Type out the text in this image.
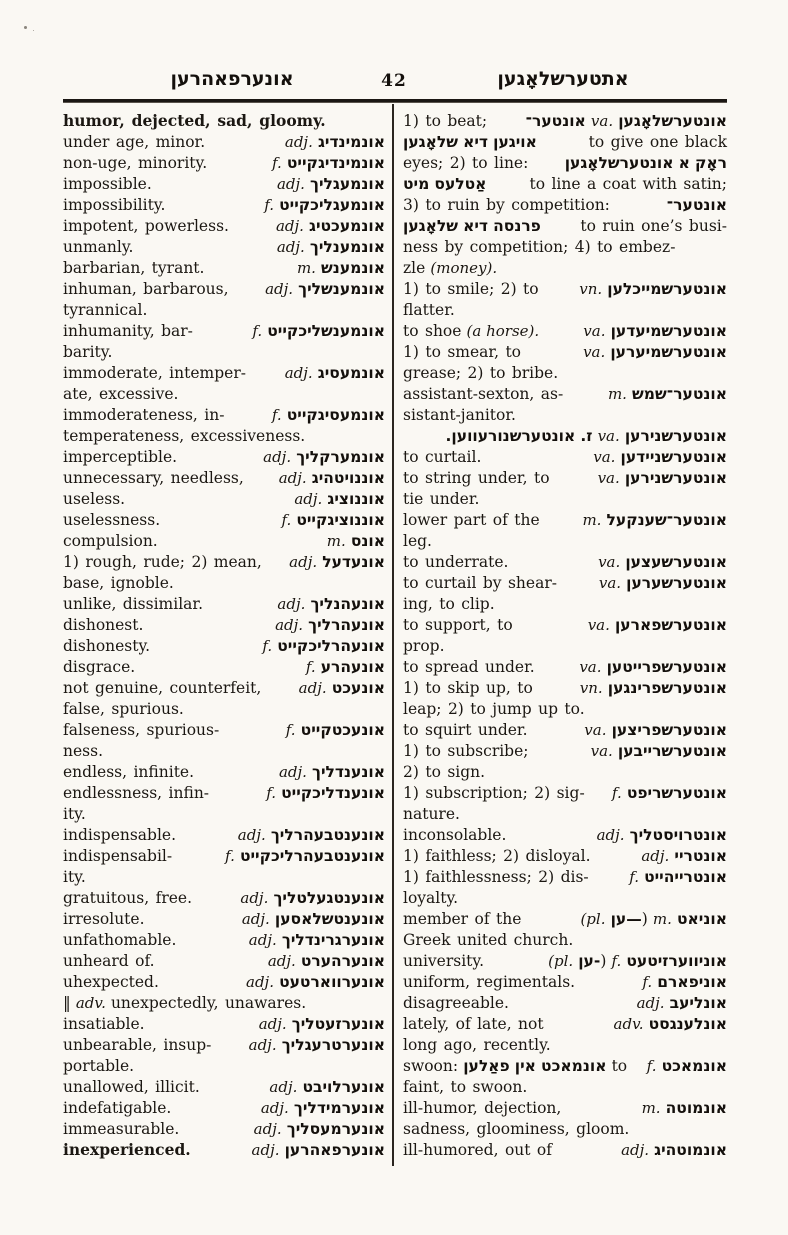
אונערפאהרען	42	אתטערשלאָגען
humor, dejected, sad, gloomy.
under age, minor.	adj. אונמינדיג
non-uge, minority.	f. אונמינדיגקייט
impossible.	adj. אונמעגליך
impossibility.	f. אונמעגליכקייט
impotent, powerless.	adj. אונמעכטיג
unmanly.	adj. אונמענליך
barbarian, tyrant.	m. אונמענש
inhuman, barbarous, adj. אונמענשליך
tyrannical.
inhumanity, bar-	f. אונמענשליכקייט
barity.
immoderate, intemper-	adj. אונמעסיג
ate, excessive.
immoderateness, in-	f. אונמעסיגקייט
temperateness, excessiveness.
imperceptible.	adj. אונמערקליך
unnecessary, needless, adj. אוננויטהיג
useless.	adj. אוננוציג
uselessness.	f. אוננוציגקייט
compulsion.	m. אונס
1) rough, rude; 2) mean, adj. אונעדעל
base, ignoble.
unlike, dissimilar.	adj. אונעהנליך
dishonest.	adj. אונעהרליך
dishonesty.	f. אונעהרליכקייט
disgrace.	f. אונעהרע
not genuine, counterfeit, adj. אונעכט
false, spurious.
falseness, spurious-	f. אונעכטקייט
ness.
endless, infinite.	adj. אונענדליך
endlessness, infin-	f. אונענדליכקייט
ity.
indispensable.	adj. אונענטבעהרליך
indispensabil-	f. אונענטבעהרליכקייט
ity.
gratuitous, free.	adj. אונענטגעלטליך
irresolute.	adj. אונענטשלאסען
unfathomable.	adj. אונערגרינדליך
unheard of.	adj. אונערהערט
uhexpected.	adj. אונערווארטעט
‖ adv. unexpectedly, unawares.
insatiable.	adj. אונערזעטליך
unbearable, insup- adj. אונערטרעגליך
portable.
unallowed, illicit.	adj. אונערלויבט
indefatigable.	adj. אונערמידליך
immeasurable.	adj. אונערמעסליך
inexperienced.	adj. אונערפאהרען
1) to beat; אונטער־ va. אונטערשלאָגען
שלאָגען דיא אויגען	to give one black
eyes; 2) to line: אונטערשלאָגען א ראָק
מיט אַטלעס	to line a coat with satin;
3) to ruin by competition:	אונטער־
שלאָגען דיא פרנסה	to ruin one’s busi-
ness by competition; 4) to embez-
zle (money).
1) to smile; 2) to	vn. אונטערשמייכלען
flatter.
to shoe (a horse).	va. אונטערשמיעדען
1) to smear, to	va. אונטערשמיערען
grease; 2) to bribe.
assistant-sexton, as-	m. אונטער־שמש
sistant-janitor.
אונטערשנורעווען. ז. va. אונטערשנירען
to curtail.	va. אונטערשניידען
to string under, to	va. אונטערשנירען
tie under.
lower part of the	m. אונטער־שענקעל
leg.
to underrate.	va. אונטערשעצען
to curtail by shear-	va. אונטערשערען
ing, to clip.
to support, to	va. אונטערשפארען
prop.
to spread under.	va. אונטערשפרייטען
1) to skip up, to	vn. אונטערשפרינגען
leap; 2) to jump up to.
to squirt under.	va. אונטערשפריצען
1) to subscribe;	va. אונטערשרייבען
2) to sign.
1) subscription; 2) sig- f. אונטערשריפט
nature.
inconsolable.	adj. אונטרויסטליך
1) faithless; 2) disloyal.	adj. אונטריי
1) faithlessness; 2) dis-	f. אונטרייהייט
loyalty.
member of the	(pl. —ען) m. אוניאט
Greek united church.
university.	(pl. -ען) f. אוניווערזיטעט
uniform, regimentals.	f. אוניפארם
disagreeable.	adj. אונליעב
lately, of late, not	adv. אונלענגסט
long ago, recently.
swoon: פאַלען אין אונמאכט to f. אונמאכט
faint, to swoon.
ill-humor, dejection,	m. אונמוטה
sadness, gloominess, gloom.
ill-humored, out of	adj. אונמוטהיג
